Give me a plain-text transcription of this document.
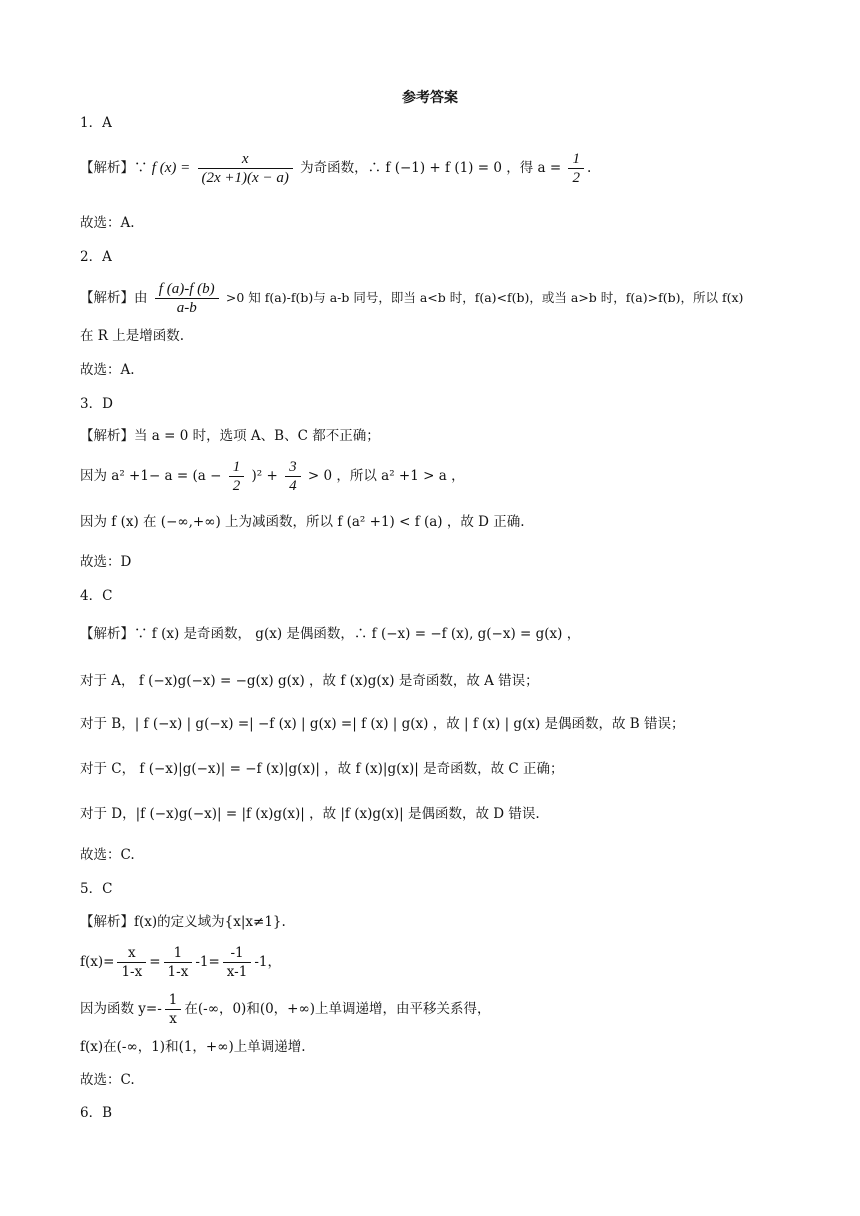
参考答案
1．A
【解析】∵ f $(x) = \frac{x}{(2x +1)(x - a)}$ 为奇函数，∴ f (−1) + f (1) = 0 ，得 $a = \frac{1}{2}$ .
故选：A.
2．A
【解析】由 $\frac{f (a)-f (b)}{a-b} >0$ 知 f(a)-f(b)与 a-b 同号，即当 a<b 时，f(a)<f(b)，或当 a>b 时，f(a)>f(b)，所以 f(x)
在 R 上是增函数.
故选：A.
3．D
【解析】当 a = 0 时，选项 A、B、C 都不正确；
因为 $a^2 +1- a = (a - \frac{1}{2} )^2 + \frac{3}{4} > 0$ ，所以 a² +1 > a ，
因为 f (x) 在 (−∞,+∞) 上为减函数，所以 f (a² +1) < f (a) ，故 D 正确.
故选：D
4．C
【解析】∵ f (x) 是奇函数， g(x) 是偶函数，∴ f (−x) = −f (x), g(−x) = g(x) ，
对于 A， f (−x)g(−x) = −g(x) g(x) ，故 f (x)g(x) 是奇函数，故 A 错误；
对于 B，| f (−x) | g(−x) =| −f (x) | g(x) =| f (x) | g(x) ，故 | f (x) | g(x) 是偶函数，故 B 错误；
对于 C， f (−x)|g(−x)| = −f (x)|g(x)| ，故 f (x)|g(x)| 是奇函数，故 C 正确；
对于 D，|f (−x)g(−x)| = |f (x)g(x)| ，故 |f (x)g(x)| 是偶函数，故 D 错误.
故选：C.
5．C
【解析】f(x)的定义域为{x|x≠1}.
$f(x)= \frac{x}{1-x} = \frac{1}{1-x} -1= \frac{-1}{x-1} -1$，
因为函数 $y=- \frac{1}{x}$ 在(-∞，0)和(0，+∞)上单调递增，由平移关系得，
f(x)在(-∞，1)和(1，+∞)上单调递增.
故选：C.
6．B
